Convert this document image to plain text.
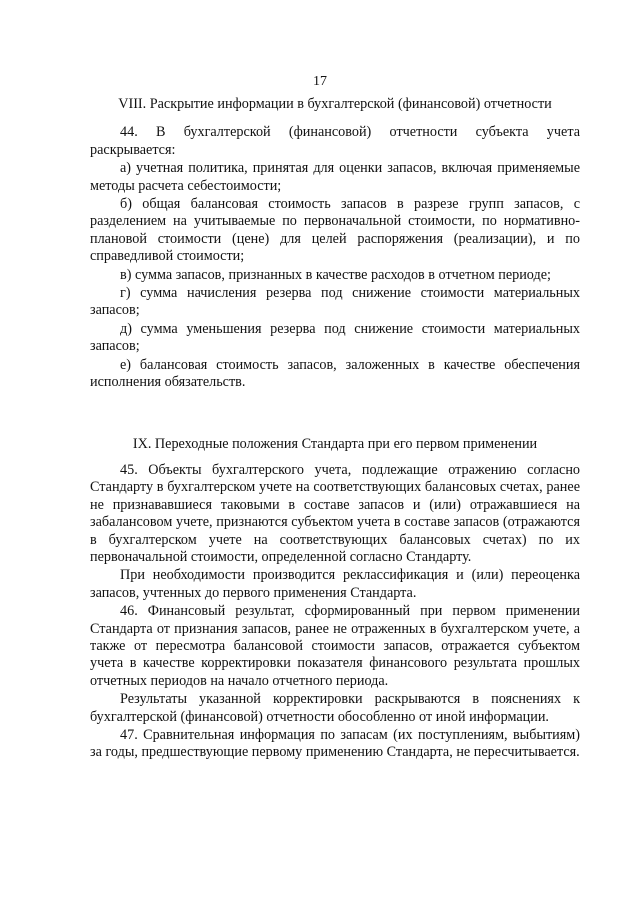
17
VIII. Раскрытие информации в бухгалтерской (финансовой) отчетности

44. В бухгалтерской (финансовой) отчетности субъекта учета раскрывается:

а) учетная политика, принятая для оценки запасов, включая применяемые методы расчета себестоимости;

б) общая балансовая стоимость запасов в разрезе групп запасов, с разделением на учитываемые по первоначальной стоимости, по нормативно-плановой стоимости (цене) для целей распоряжения (реализации), и по справедливой стоимости;

в) сумма запасов, признанных в качестве расходов в отчетном периоде;

г) сумма начисления резерва под снижение стоимости материальных запасов;

д) сумма уменьшения резерва под снижение стоимости материальных запасов;

е) балансовая стоимость запасов, заложенных в качестве обеспечения исполнения обязательств.

IX. Переходные положения Стандарта при его первом применении

45. Объекты бухгалтерского учета, подлежащие отражению согласно Стандарту в бухгалтерском учете на соответствующих балансовых счетах, ранее не признававшиеся таковыми в составе запасов и (или) отражавшиеся на забалансовом учете, признаются субъектом учета в составе запасов (отражаются в бухгалтерском учете на соответствующих балансовых счетах) по их первоначальной стоимости, определенной согласно Стандарту.

При необходимости производится реклассификация и (или) переоценка запасов, учтенных до первого применения Стандарта.

46. Финансовый результат, сформированный при первом применении Стандарта от признания запасов, ранее не отраженных в бухгалтерском учете, а также от пересмотра балансовой стоимости запасов, отражается субъектом учета в качестве корректировки показателя финансового результата прошлых отчетных периодов на начало отчетного периода.

Результаты указанной корректировки раскрываются в пояснениях к бухгалтерской (финансовой) отчетности обособленно от иной информации.

47. Сравнительная информация по запасам (их поступлениям, выбытиям) за годы, предшествующие первому применению Стандарта, не пересчитывается.
